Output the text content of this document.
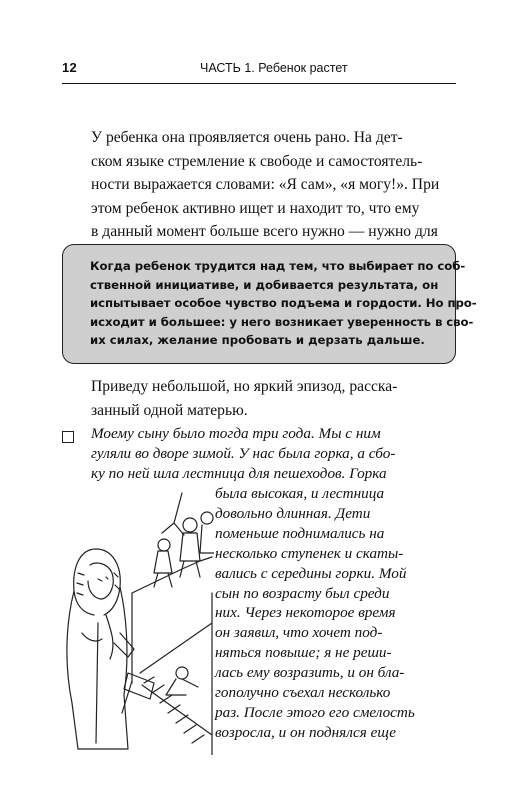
12	ЧАСТЬ 1. Ребенок растет
У ребенка она проявляется очень рано. На дет-
ском языке стремление к свободе и самостоятель-
ности выражается словами: «Я сам», «я могу!». При
этом ребенок активно ищет и находит то, что ему
в данный момент больше всего нужно — нужно для
Когда ребенок трудится над тем, что выбирает по соб-
ственной инициативе, и добивается результата, он
испытывает особое чувство подъема и гордости. Но про-
исходит и большее: у него возникает уверенность в сво-
их силах, желание пробовать и дерзать дальше.
Приведу небольшой, но яркий эпизод, расска-
занный одной матерью.
Моему сыну было тогда три года. Мы с ним
гуляли во дворе зимой. У нас была горка, а сбо-
ку по ней шла лестница для пешеходов. Горка
была высокая, и лестница
довольно длинная. Дети
поменьше поднимались на
несколько ступенек и скаты-
вались с середины горки. Мой
сын по возрасту был среди
них. Через некоторое время
он заявил, что хочет под-
няться повыше; я не реши-
лась ему возразить, и он бла-
гополучно съехал несколько
раз. После этого его смелость
возросла, и он поднялся еще
